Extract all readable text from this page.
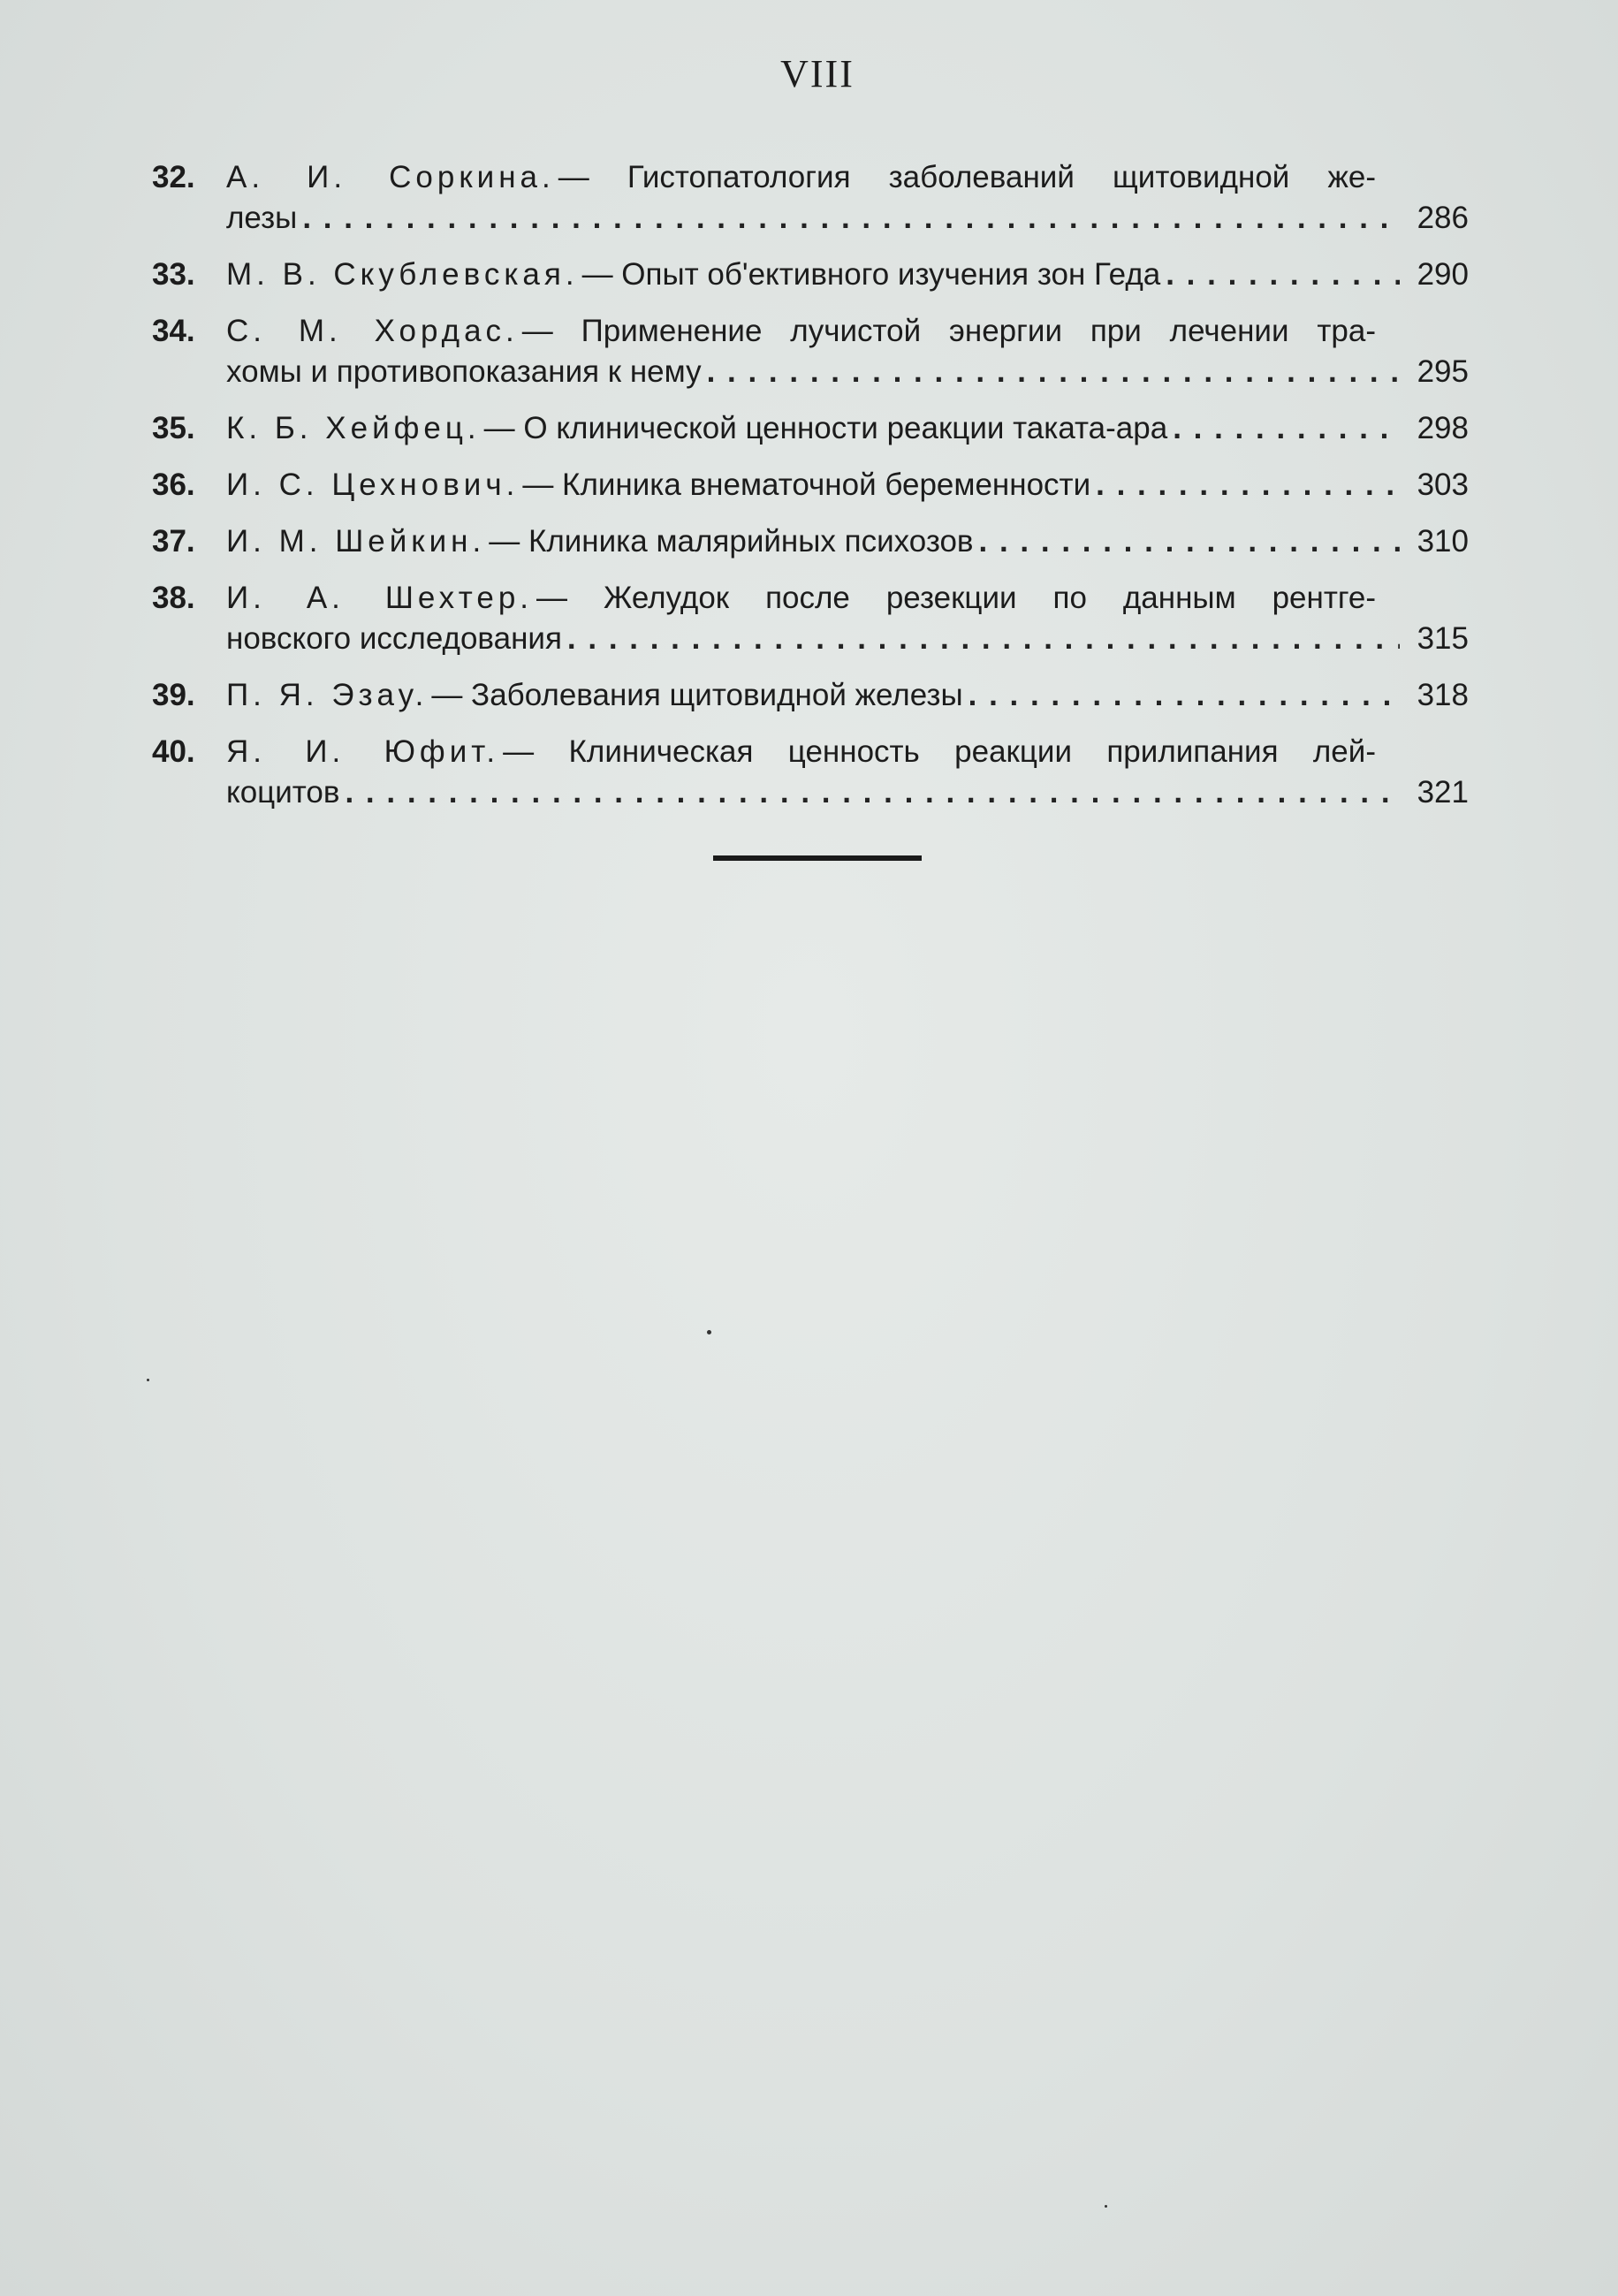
VIII
32.	А. И. Соркина. — Гистопатология заболеваний щитовидной же-
лезы . . .	286
33.	М. В. Скублевская. — Опыт об'ективного изучения зон Геда . . .	290
34.	С. М. Хордас. — Применение лучистой энергии при лечении тра-
хомы и противопоказания к нему . . .	295
35.	К. Б. Хейфец. — О клинической ценности реакции таката-ара . . .	298
36.	И. С. Цехнович. — Клиника внематочной беременности . . .	303
37.	И. М. Шейкин. — Клиника малярийных психозов . . .	310
38.	И. А. Шехтер. — Желудок после резекции по данным рентге-
новского исследования . . .	315
39.	П. Я. Эзау. — Заболевания щитовидной железы . . .	318
40.	Я. И. Юфит. — Клиническая ценность реакции прилипания лей-
коцитов . . .	321
